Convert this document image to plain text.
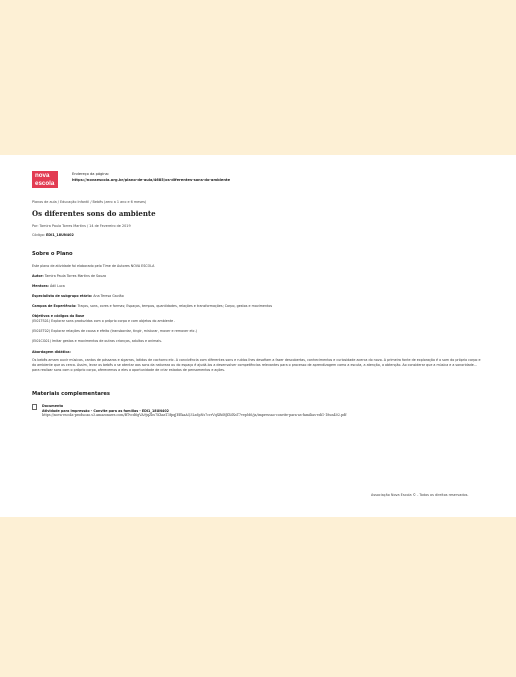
nova
escola
Endereço da página:
https://novaescola.org.br/plano-de-aula/4685/os-diferentes-sons-do-ambiente
Planos de aula / Educação Infantil / Bebês (zero a 1 ano e 6 meses)
Os diferentes sons do ambiente
Por: Tamira Paula Torres Martins / 14 de Fevereiro de 2019
Código: EDI1_18UN402
Sobre o Plano
Este plano de atividade foi elaborado pelo Time de Autores NOVA ESCOLA
Autor: Tamira Paula Torres Martins de Souza
Mentora: Ádil Luca
Especialista de subgrupo etário: Ana Teresa Gavião
Campos de Experiência: Traços, sons, cores e formas; Espaços, tempos, quantidades, relações e transformações; Corpo, gestos e movimentos
Objetivos e códigos da Base
(EI01TS01) Explorar sons produzidos com o próprio corpo e com objetos do ambiente .
(EI01ET02) Explorar relações de causa e efeito (transbordar, tingir, misturar, mover e remover etc.)
(EI01CG01) Imitar gestos e movimentos de outras crianças, adultos e animais.
Abordagem didática:
Os bebês amam ouvir músicas, cantos de pássaros e sigarras, latidos de cachorro etc. A convivência com diferentes sons e ruídos lhes desafiam a fazer descobertas, conhecimentos e curiosidade acerca do novo. A primeira fonte de exploração é o som do próprio corpo e do ambiente que os cerca. Assim, levar os bebês a se atentar aos sons da natureza ou do espaço é ajudá-los a desenvolver competências relevantes para o processo de aprendizagem como a escuta, a atenção, a obtenção. Ao considerar que a música e a sonoridade... para realizar sons com o próprio corpo, oferecemos a eles a oportunidade de criar estados de pensamentos e ações.
Materiais complementares
Documento
Atividade para impressão - Convite para as famílias - EDI1_18UN402
https://nova-escola-producao.s3.amazonaws.com/BTvcd6gVA9jqZbs7KhasT3fpqJEEkaAQ3LsdpNs7crrVqXBd8JfZdXsT7vepM6/ja/impressao-convite-para-as-familias-edi1-18un402.pdf
Associação Nova Escola © - Todos os direitos reservados.
